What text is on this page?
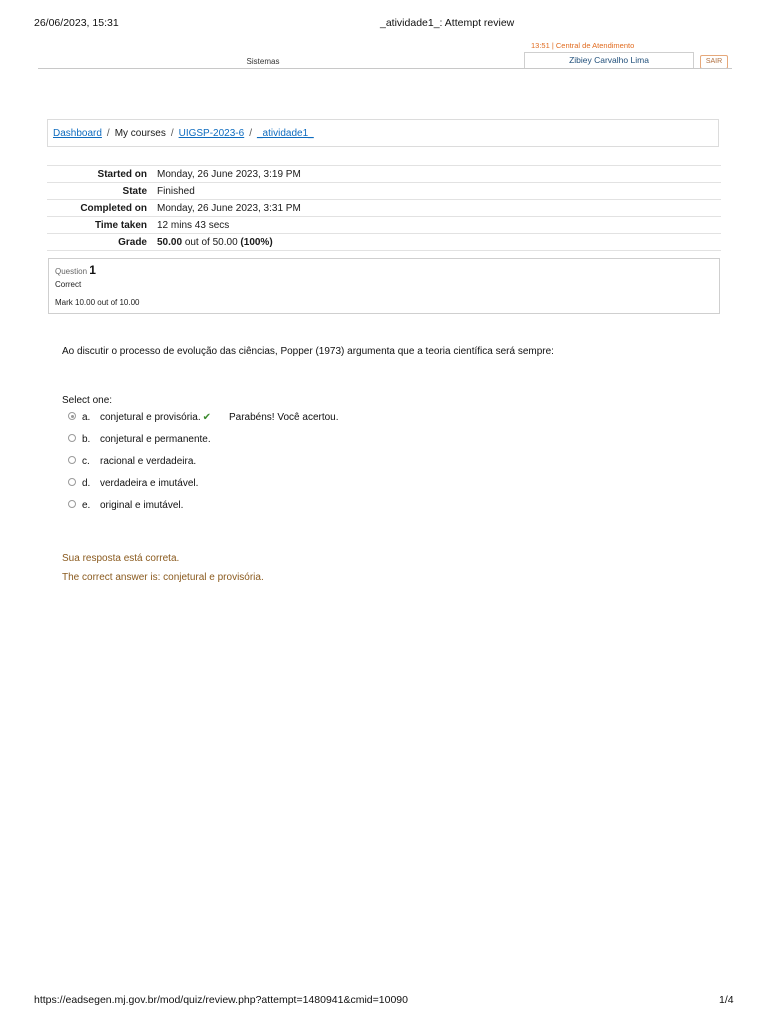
26/06/2023, 15:31	_atividade1_: Attempt review
Sistemas
13:51 | Central de Atendimento
Zibiey Carvalho Lima	SAIR
Dashboard / My courses / UIGSP-2023-6 / _atividade1_
Started on	Monday, 26 June 2023, 3:19 PM
State	Finished
Completed on	Monday, 26 June 2023, 3:31 PM
Time taken	12 mins 43 secs
Grade	50.00 out of 50.00 (100%)
Question 1
Correct
Mark 10.00 out of 10.00
Ao discutir o processo de evolução das ciências, Popper (1973) argumenta que a teoria científica será sempre:
Select one:
a. conjetural e provisória. ✔ Parabéns! Você acertou.
b. conjetural e permanente.
c. racional e verdadeira.
d. verdadeira e imutável.
e. original e imutável.
Sua resposta está correta.
The correct answer is: conjetural e provisória.
https://eadsegen.mj.gov.br/mod/quiz/review.php?attempt=1480941&cmid=10090	1/4
